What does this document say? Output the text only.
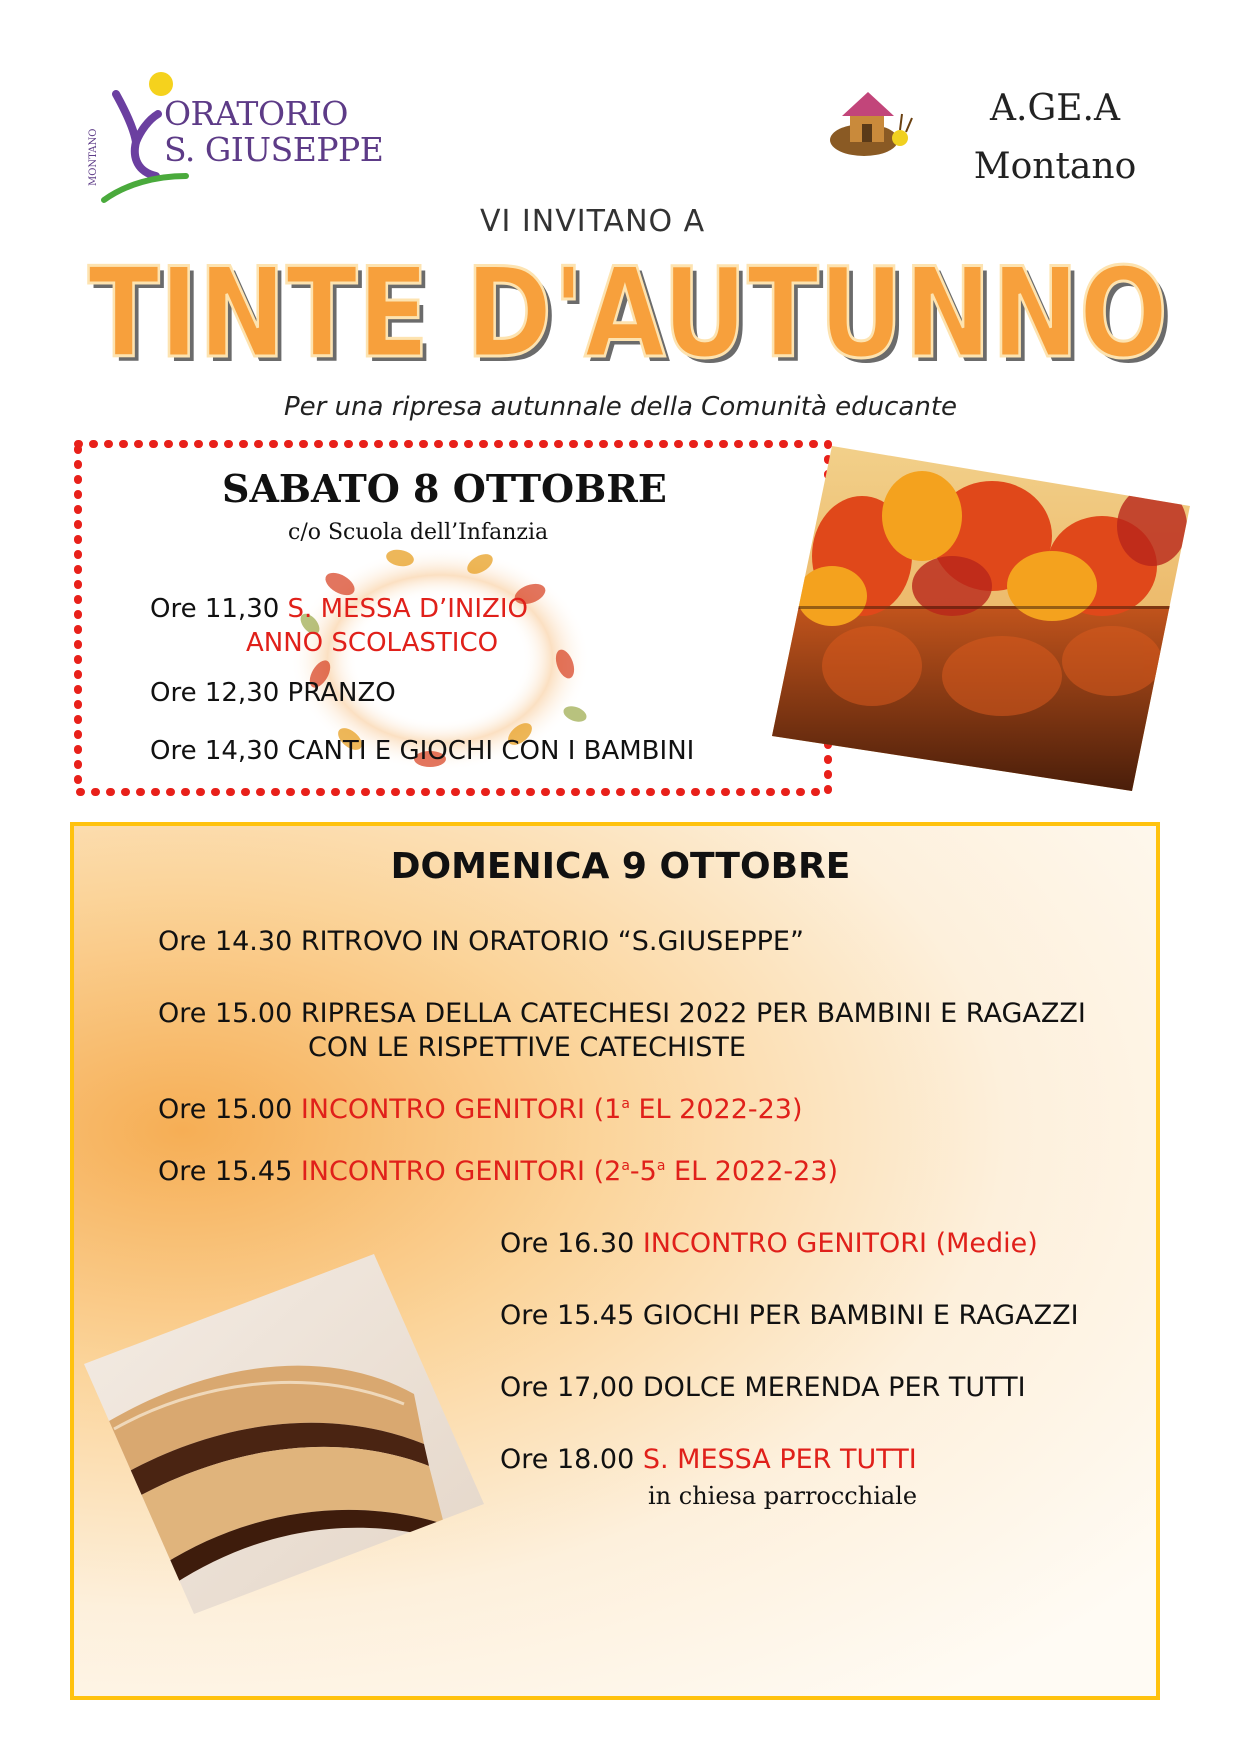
MONTANO
ORATORIO
S. GIUSEPPE
A.GE.A
Montano
VI INVITANO A
TINTE D'AUTUNNO
TINTE D'AUTUNNO
Per una ripresa autunnale della Comunità educante
SABATO 8 OTTOBRE
c/o Scuola dell’Infanzia
Ore 11,30 S. MESSA D’INIZIO
ANNO SCOLASTICO
Ore 12,30 PRANZO
Ore 14,30 CANTI E GIOCHI CON I BAMBINI
DOMENICA 9 OTTOBRE
Ore 14.30 RITROVO IN ORATORIO “S.GIUSEPPE”
Ore 15.00 RIPRESA DELLA CATECHESI 2022 PER BAMBINI E RAGAZZI
CON LE RISPETTIVE CATECHISTE
Ore 15.00 INCONTRO GENITORI (1$^a$ EL 2022-23)
Ore 15.45 INCONTRO GENITORI (2$^a$-5$^a$ EL 2022-23)
Ore 16.30 INCONTRO GENITORI (Medie)
Ore 15.45 GIOCHI PER BAMBINI E RAGAZZI
Ore 17,00 DOLCE MERENDA PER TUTTI
Ore 18.00 S. MESSA PER TUTTI
in chiesa parrocchiale
